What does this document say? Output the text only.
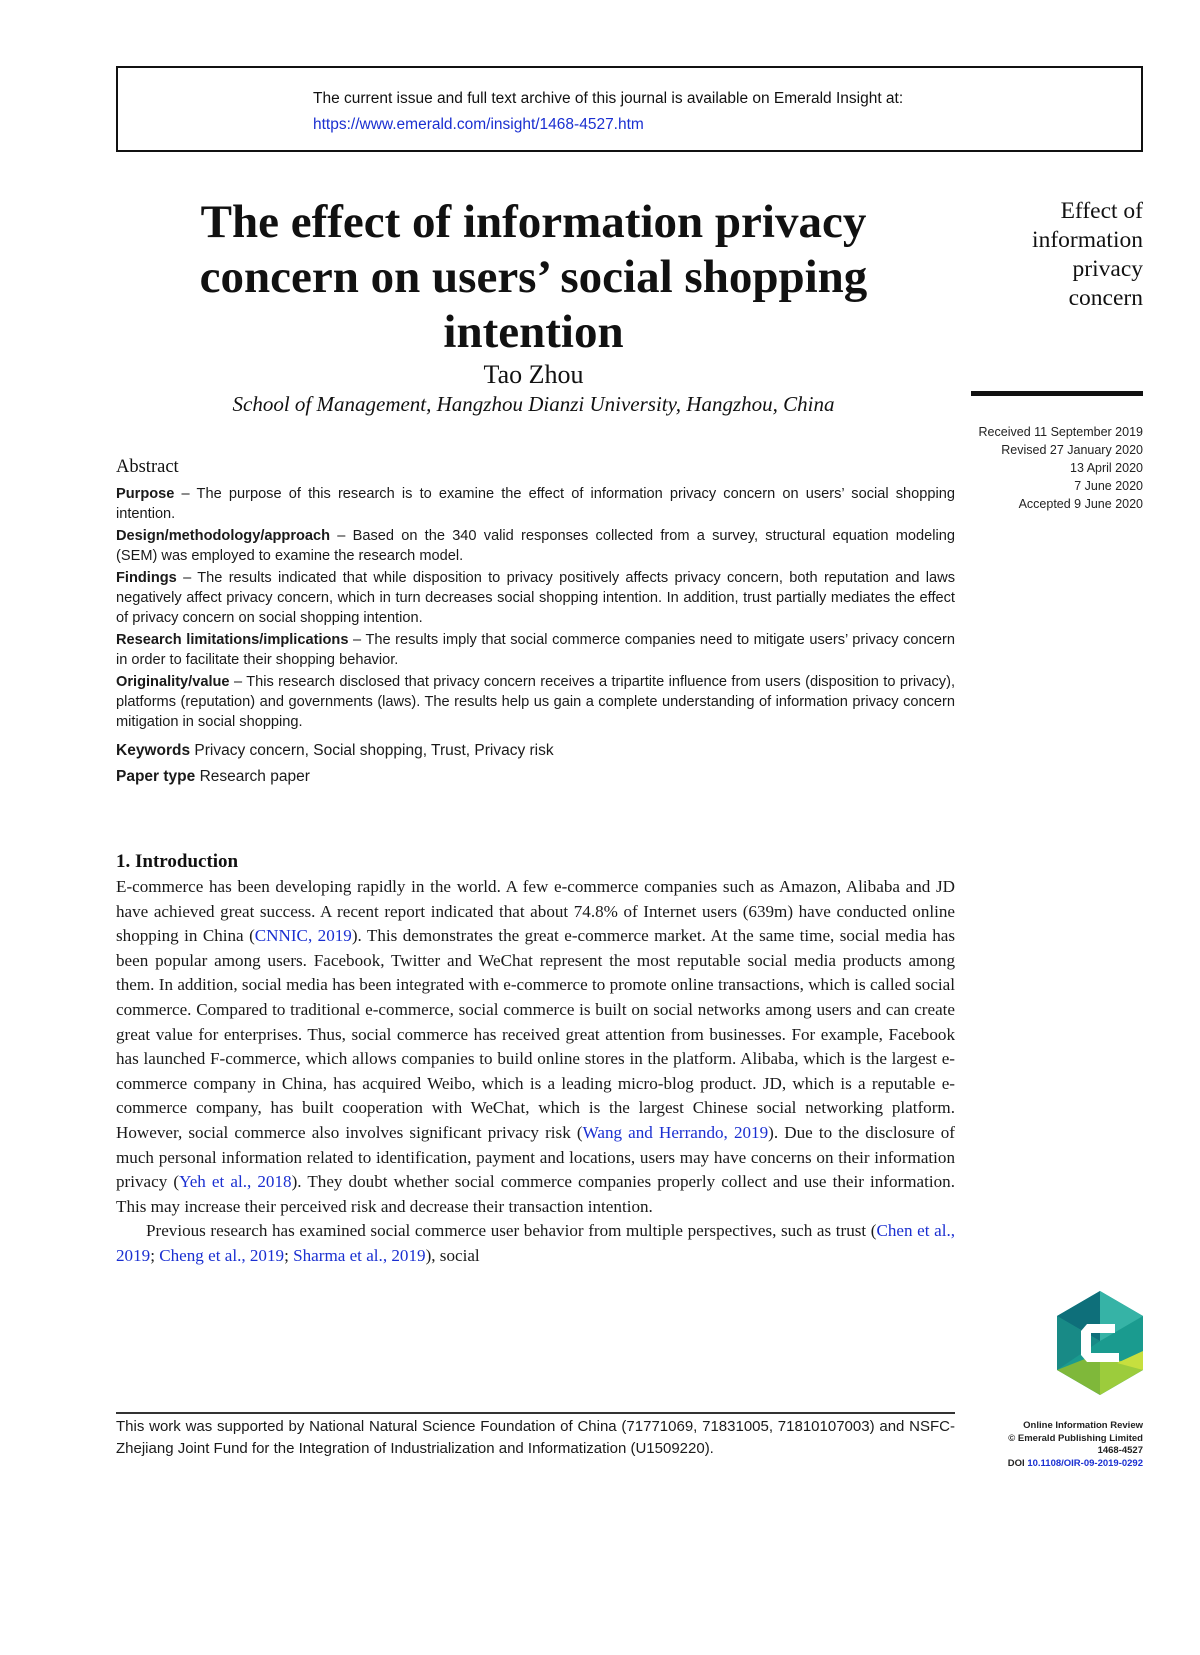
The current issue and full text archive of this journal is available on Emerald Insight at:
https://www.emerald.com/insight/1468-4527.htm
The effect of information privacy concern on users’ social shopping intention
Tao Zhou
School of Management, Hangzhou Dianzi University, Hangzhou, China
Effect of
information
privacy
concern
Received 11 September 2019
Revised 27 January 2020
13 April 2020
7 June 2020
Accepted 9 June 2020
Abstract

Purpose – The purpose of this research is to examine the effect of information privacy concern on users’ social shopping intention.

Design/methodology/approach – Based on the 340 valid responses collected from a survey, structural equation modeling (SEM) was employed to examine the research model.

Findings – The results indicated that while disposition to privacy positively affects privacy concern, both reputation and laws negatively affect privacy concern, which in turn decreases social shopping intention. In addition, trust partially mediates the effect of privacy concern on social shopping intention.

Research limitations/implications – The results imply that social commerce companies need to mitigate users’ privacy concern in order to facilitate their shopping behavior.

Originality/value – This research disclosed that privacy concern receives a tripartite influence from users (disposition to privacy), platforms (reputation) and governments (laws). The results help us gain a complete understanding of information privacy concern mitigation in social shopping.

Keywords Privacy concern, Social shopping, Trust, Privacy risk
Paper type Research paper
1. Introduction

E-commerce has been developing rapidly in the world. A few e-commerce companies such as Amazon, Alibaba and JD have achieved great success. A recent report indicated that about 74.8% of Internet users (639m) have conducted online shopping in China (CNNIC, 2019). This demonstrates the great e-commerce market. At the same time, social media has been popular among users. Facebook, Twitter and WeChat represent the most reputable social media products among them. In addition, social media has been integrated with e-commerce to promote online transactions, which is called social commerce. Compared to traditional e-commerce, social commerce is built on social networks among users and can create great value for enterprises. Thus, social commerce has received great attention from businesses. For example, Facebook has launched F-commerce, which allows companies to build online stores in the platform. Alibaba, which is the largest e-commerce company in China, has acquired Weibo, which is a leading micro-blog product. JD, which is a reputable e-commerce company, has built cooperation with WeChat, which is the largest Chinese social networking platform. However, social commerce also involves significant privacy risk (Wang and Herrando, 2019). Due to the disclosure of much personal information related to identification, payment and locations, users may have concerns on their information privacy (Yeh et al., 2018). They doubt whether social commerce companies properly collect and use their information. This may increase their perceived risk and decrease their transaction intention.

Previous research has examined social commerce user behavior from multiple perspectives, such as trust (Chen et al., 2019; Cheng et al., 2019; Sharma et al., 2019), social

This work was supported by National Natural Science Foundation of China (71771069, 71831005, 71810107003) and NSFC-Zhejiang Joint Fund for the Integration of Industrialization and Informatization (U1509220).
Online Information Review
© Emerald Publishing Limited
1468-4527
DOI 10.1108/OIR-09-2019-0292
